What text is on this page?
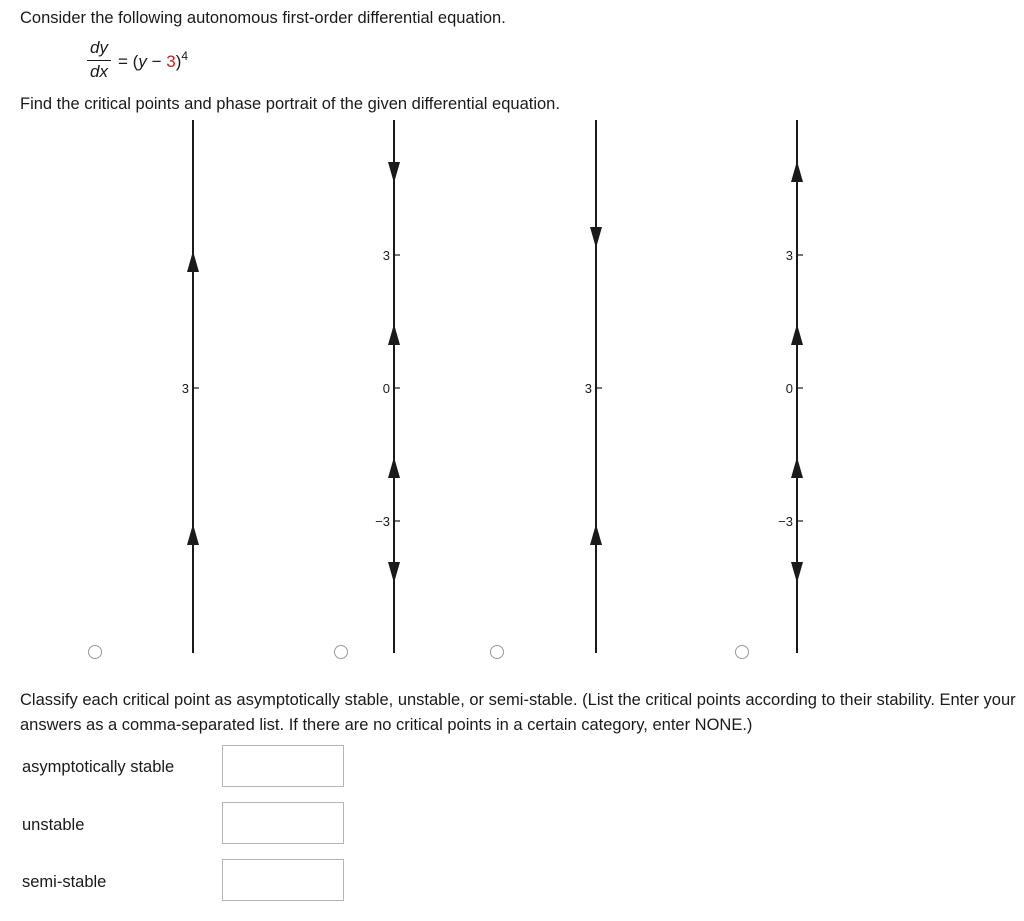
Consider the following autonomous first-order differential equation.
dy
dx
= $(y - 3)^4$
Find the critical points and phase portrait of the given differential equation.
3
3
0
−3
3
3
0
−3
Classify each critical point as asymptotically stable, unstable, or semi-stable. (List the critical points according to their stability. Enter your answers as a comma-separated list. If there are no critical points in a certain category, enter NONE.)
asymptotically stable
unstable
semi-stable
